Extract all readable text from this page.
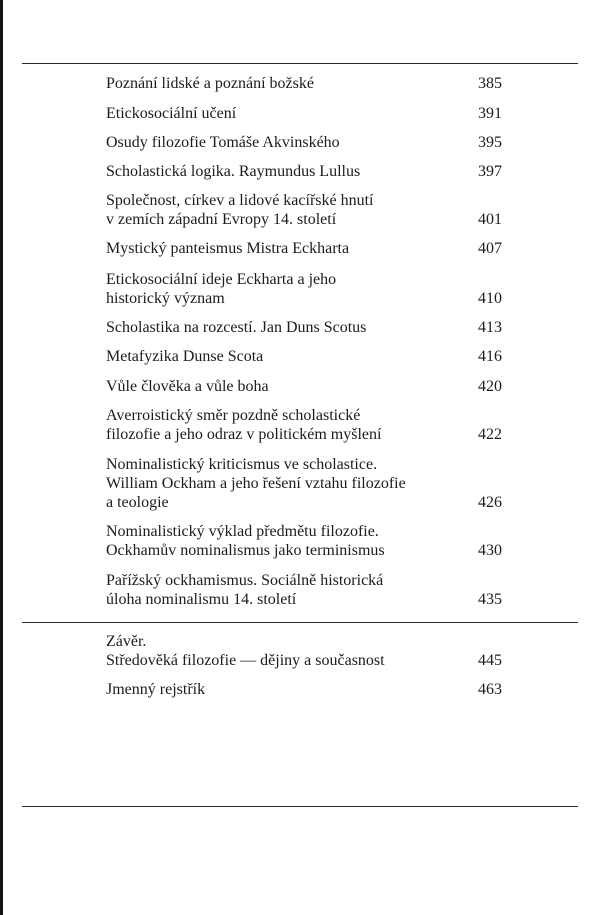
Poznání lidské a poznání božské	385
Etickosociální učení	391
Osudy filozofie Tomáše Akvinského	395
Scholastická logika. Raymundus Lullus	397
Společnost, církev a lidové kacířské hnutí
v zemích západní Evropy 14. století	401
Mystický panteismus Mistra Eckharta	407
Etickosociální ideje Eckharta a jeho
historický význam	410
Scholastika na rozcestí. Jan Duns Scotus	413
Metafyzika Dunse Scota	416
Vůle člověka a vůle boha	420
Averroistický směr pozdně scholastické
filozofie a jeho odraz v politickém myšlení	422
Nominalistický kriticismus ve scholastice.
William Ockham a jeho řešení vztahu filozofie
a teologie	426
Nominalistický výklad předmětu filozofie.
Ockhamův nominalismus jako terminismus	430
Pařížský ockhamismus. Sociálně historická
úloha nominalismu 14. století	435
Závěr.
Středověká filozofie — dějiny a současnost	445
Jmenný rejstřík	463
